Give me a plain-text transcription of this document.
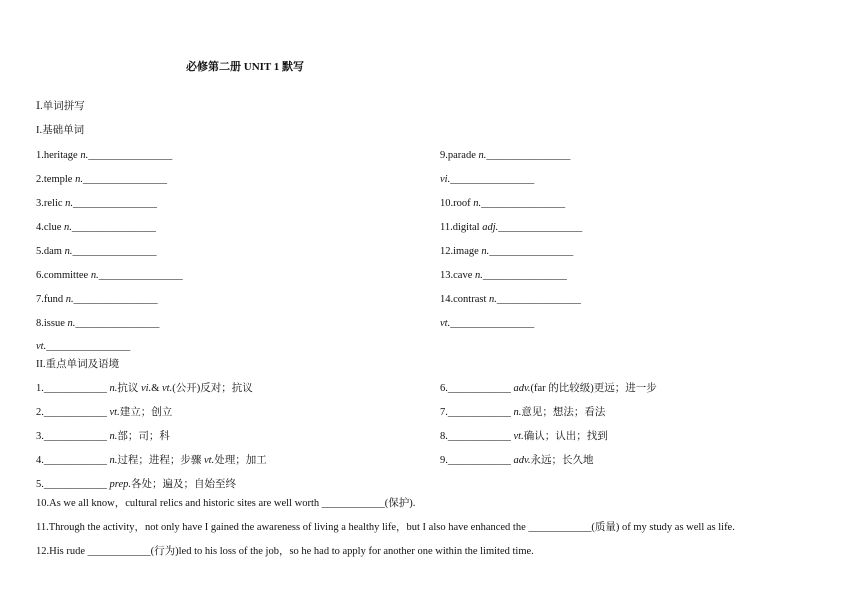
必修第二册 UNIT 1 默写
Ⅰ.单词拼写
I.基础单词
1.heritage n.________________
2.temple n.________________
3.relic n.________________
4.clue n.________________
5.dam n.________________
6.committee n.________________
7.fund n.________________
8.issue n.________________
vt.________________
9.parade n.________________
vi.________________
10.roof n.________________
11.digital adj.________________
12.image n.________________
13.cave n.________________
14.contrast n.________________
vt.________________
II.重点单词及语境
1.____________ n.抗议 vi.& vt.(公开)反对；抗议
2.____________ vt.建立；创立
3.____________ n.部；司；科
4.____________ n.过程；进程；步骤 vt.处理；加工
5.____________ prep.各处；遍及；自始至终
6.____________ adv.(far 的比较级)更远；进一步
7.____________ n.意见；想法；看法
8.____________ vt.确认；认出；找到
9.____________ adv.永远；长久地
10.As we all know，cultural relics and historic sites are well worth ____________(保护).
11.Through the activity，not only have I gained the awareness of living a healthy life，but I also have enhanced the ____________(质量) of my study as well as life.
12.His rude ____________(行为)led to his loss of the job，so he had to apply for another one within the limited time.
